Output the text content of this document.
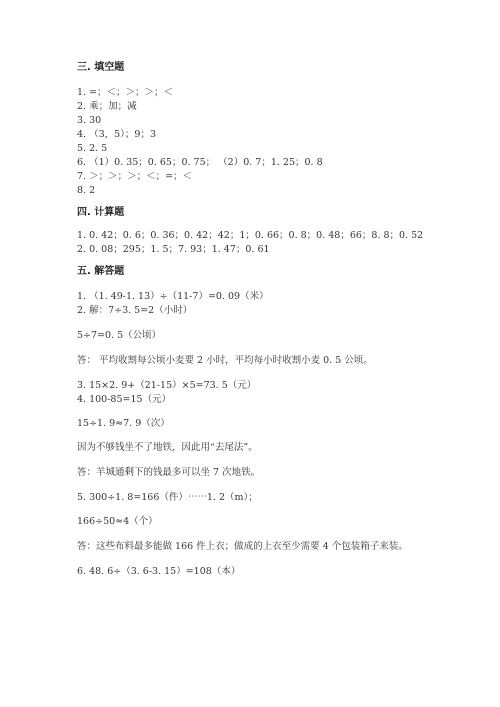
三. 填空题
1. =；＜；＞；＞；＜
2. 乘；加；减
3. 30
4. （3，5）；9；3
5. 2. 5
6. （1）0. 35；0. 65；0. 75； （2）0. 7；1. 25；0. 8
7. ＞；＞；＞；＜；=；＜
8. 2
四. 计算题
1. 0. 42；0. 6；0. 36；0. 42；42；1；0. 66；0. 8；0. 48；66；8. 8；0. 52
2. 0. 08；295；1. 5；7. 93；1. 47；0. 61
五. 解答题
1. （1. 49-1. 13）÷（11-7）=0. 09（米）
2. 解：7÷3. 5=2（小时）
5÷7=0. 5（公顷）
答： 平均收割每公顷小麦要 2 小时，平均每小时收割小麦 0. 5 公顷。
3. 15×2. 9+（21-15）×5=73. 5（元）
4. 100-85=15（元）
15÷1. 9≈7. 9（次）
因为不够钱坐不了地铁，因此用“去尾法”。
答：羊城通剩下的钱最多可以坐 7 次地铁。
5. 300÷1. 8=166（件）⋯⋯1. 2（m）；
166÷50≈4（个）
答：这些布料最多能做 166 件上衣；做成的上衣至少需要 4 个包装箱子来装。
6. 48. 6÷（3. 6-3. 15）=108（本）
